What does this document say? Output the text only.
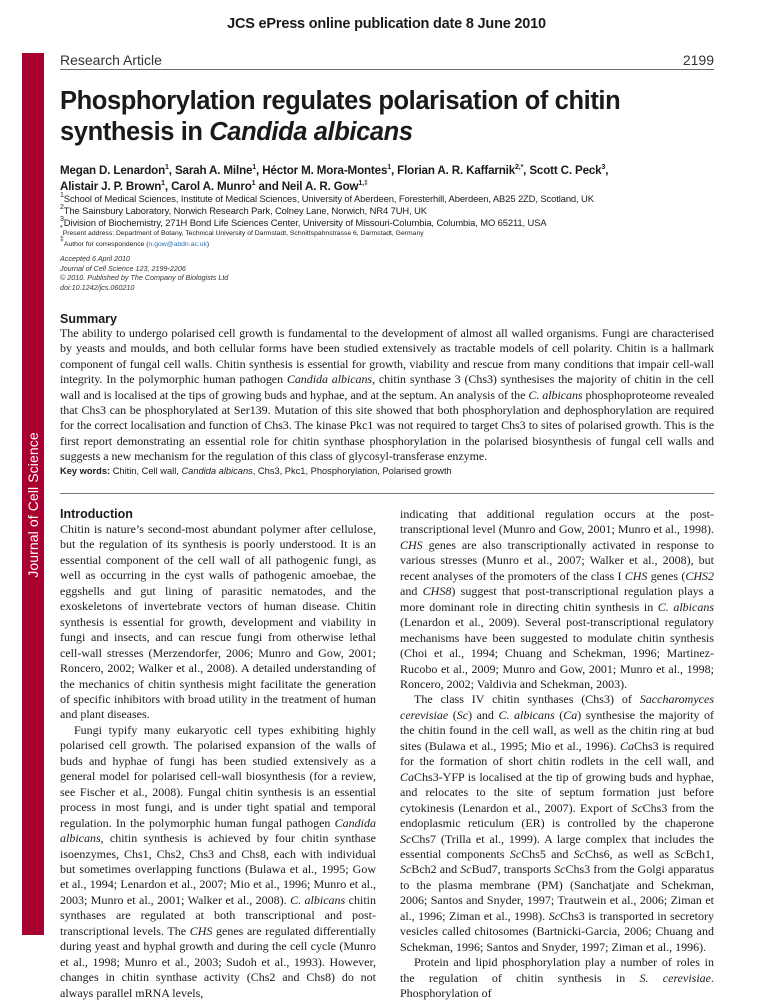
JCS ePress online publication date 8 June 2010
Journal of Cell Science
Research Article	2199
Phosphorylation regulates polarisation of chitin
synthesis in Candida albicans
Megan D. Lenardon$^1$, Sarah A. Milne$^1$, Héctor M. Mora-Montes$^1$, Florian A. R. Kaffarnik$^{2,*}$, Scott C. Peck$^3$,
Alistair J. P. Brown$^1$, Carol A. Munro$^1$ and Neil A. R. Gow$^{1,\ddagger}$
$^1$School of Medical Sciences, Institute of Medical Sciences, University of Aberdeen, Foresterhill, Aberdeen, AB25 2ZD, Scotland, UK
$^2$The Sainsbury Laboratory, Norwich Research Park, Colney Lane, Norwich, NR4 7UH, UK
$^3$Division of Biochemistry, 271H Bond Life Sciences Center, University of Missouri-Columbia, Columbia, MO 65211, USA
*Present address: Department of Botany, Technical University of Darmstadt, Schnittspahnstrasse 6, Darmstadt, Germany
‡Author for correspondence (n.gow@abdn.ac.uk)
Accepted 6 April 2010
Journal of Cell Science 123, 2199-2206
© 2010. Published by The Company of Biologists Ltd
doi:10.1242/jcs.060210
Summary
The ability to undergo polarised cell growth is fundamental to the development of almost all walled organisms. Fungi are characterised by yeasts and moulds, and both cellular forms have been studied extensively as tractable models of cell polarity. Chitin is a hallmark component of fungal cell walls. Chitin synthesis is essential for growth, viability and rescue from many conditions that impair cell-wall integrity. In the polymorphic human pathogen Candida albicans, chitin synthase 3 (Chs3) synthesises the majority of chitin in the cell wall and is localised at the tips of growing buds and hyphae, and at the septum. An analysis of the C. albicans phosphoproteome revealed that Chs3 can be phosphorylated at Ser139. Mutation of this site showed that both phosphorylation and dephosphorylation are required for the correct localisation and function of Chs3. The kinase Pkc1 was not required to target Chs3 to sites of polarised growth. This is the first report demonstrating an essential role for chitin synthase phosphorylation in the polarised biosynthesis of fungal cell walls and suggests a new mechanism for the regulation of this class of glycosyl-transferase enzyme.
Key words: Chitin, Cell wall, Candida albicans, Chs3, Pkc1, Phosphorylation, Polarised growth
Introduction

Chitin is nature’s second-most abundant polymer after cellulose, but the regulation of its synthesis is poorly understood. It is an essential component of the cell wall of all pathogenic fungi, as well as occurring in the cyst walls of pathogenic amoebae, the eggshells and gut lining of parasitic nematodes, and the exoskeletons of invertebrate vectors of human disease. Chitin synthesis is essential for growth, development and viability in fungi and insects, and can rescue fungi from otherwise lethal cell-wall stresses (Merzendorfer, 2006; Munro and Gow, 2001; Roncero, 2002; Walker et al., 2008). A detailed understanding of the mechanics of chitin synthesis might facilitate the generation of specific inhibitors with broad utility in the treatment of human and plant diseases.

Fungi typify many eukaryotic cell types exhibiting highly polarised cell growth. The polarised expansion of the walls of buds and hyphae of fungi has been studied extensively as a general model for polarised cell-wall biosynthesis (for a review, see Fischer et al., 2008). Fungal chitin synthesis is an essential process in most fungi, and is under tight spatial and temporal regulation. In the polymorphic human fungal pathogen Candida albicans, chitin synthesis is achieved by four chitin synthase isoenzymes, Chs1, Chs2, Chs3 and Chs8, each with individual but sometimes overlapping functions (Bulawa et al., 1995; Gow et al., 1994; Lenardon et al., 2007; Mio et al., 1996; Munro et al., 2003; Munro et al., 2001; Walker et al., 2008). C. albicans chitin synthases are regulated at both transcriptional and post-transcriptional levels. The CHS genes are regulated differentially during yeast and hyphal growth and during the cell cycle (Munro et al., 1998; Munro et al., 2003; Sudoh et al., 1993). However, changes in chitin synthase activity (Chs2 and Chs8) do not always parallel mRNA levels,

indicating that additional regulation occurs at the post-transcriptional level (Munro and Gow, 2001; Munro et al., 1998). CHS genes are also transcriptionally activated in response to various stresses (Munro et al., 2007; Walker et al., 2008), but recent analyses of the promoters of the class I CHS genes (CHS2 and CHS8) suggest that post-transcriptional regulation plays a more dominant role in directing chitin synthesis in C. albicans (Lenardon et al., 2009). Several post-transcriptional regulatory mechanisms have been suggested to modulate chitin synthesis (Choi et al., 1994; Chuang and Schekman, 1996; Martinez-Rucobo et al., 2009; Munro and Gow, 2001; Munro et al., 1998; Roncero, 2002; Valdivia and Schekman, 2003).

The class IV chitin synthases (Chs3) of Saccharomyces cerevisiae (Sc) and C. albicans (Ca) synthesise the majority of the chitin found in the cell wall, as well as the chitin ring at bud sites (Bulawa et al., 1995; Mio et al., 1996). CaChs3 is required for the formation of short chitin rodlets in the cell wall, and CaChs3-YFP is localised at the tip of growing buds and hyphae, and relocates to the site of septum formation just before cytokinesis (Lenardon et al., 2007). Export of ScChs3 from the endoplasmic reticulum (ER) is controlled by the chaperone ScChs7 (Trilla et al., 1999). A large complex that includes the essential components ScChs5 and ScChs6, as well as ScBch1, ScBch2 and ScBud7, transports ScChs3 from the Golgi apparatus to the plasma membrane (PM) (Sanchatjate and Schekman, 2006; Santos and Snyder, 1997; Trautwein et al., 2006; Ziman et al., 1996; Ziman et al., 1998). ScChs3 is transported in secretory vesicles called chitosomes (Bartnicki-Garcia, 2006; Chuang and Schekman, 1996; Santos and Snyder, 1997; Ziman et al., 1996).

Protein and lipid phosphorylation play a number of roles in the regulation of chitin synthesis in S. cerevisiae. Phosphorylation of
